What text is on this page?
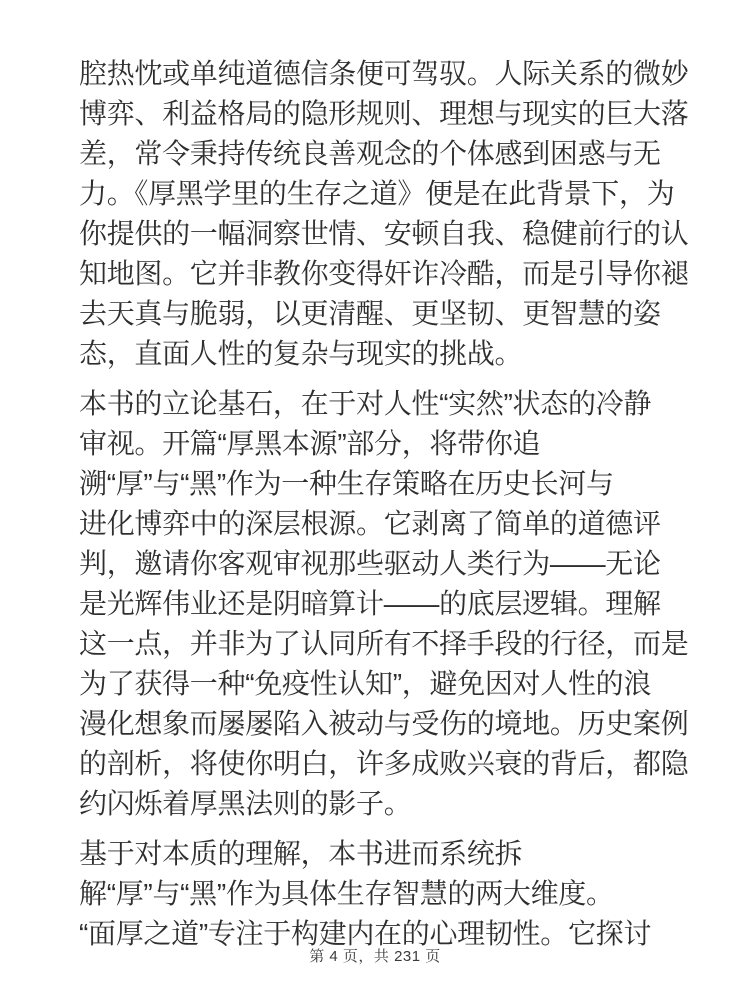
腔热忱或单纯道德信条便可驾驭。人际关系的微妙
博弈、利益格局的隐形规则、理想与现实的巨大落
差，常令秉持传统良善观念的个体感到困惑与无
力。《厚黑学里的生存之道》便是在此背景下，为
你提供的一幅洞察世情、安顿自我、稳健前行的认
知地图。它并非教你变得奸诈冷酷，而是引导你褪
去天真与脆弱，以更清醒、更坚韧、更智慧的姿
态，直面人性的复杂与现实的挑战。
本书的立论基石，在于对人性“实然”状态的冷静
审视。开篇“厚黑本源”部分，将带你追
溯“厚”与“黑”作为一种生存策略在历史长河与
进化博弈中的深层根源。它剥离了简单的道德评
判，邀请你客观审视那些驱动人类行为——无论
是光辉伟业还是阴暗算计——的底层逻辑。理解
这一点，并非为了认同所有不择手段的行径，而是
为了获得一种“免疫性认知”，避免因对人性的浪
漫化想象而屡屡陷入被动与受伤的境地。历史案例
的剖析，将使你明白，许多成败兴衰的背后，都隐
约闪烁着厚黑法则的影子。
基于对本质的理解，本书进而系统拆
解“厚”与“黑”作为具体生存智慧的两大维度。
“面厚之道”专注于构建内在的心理韧性。它探讨
第 4 页，共 231 页
